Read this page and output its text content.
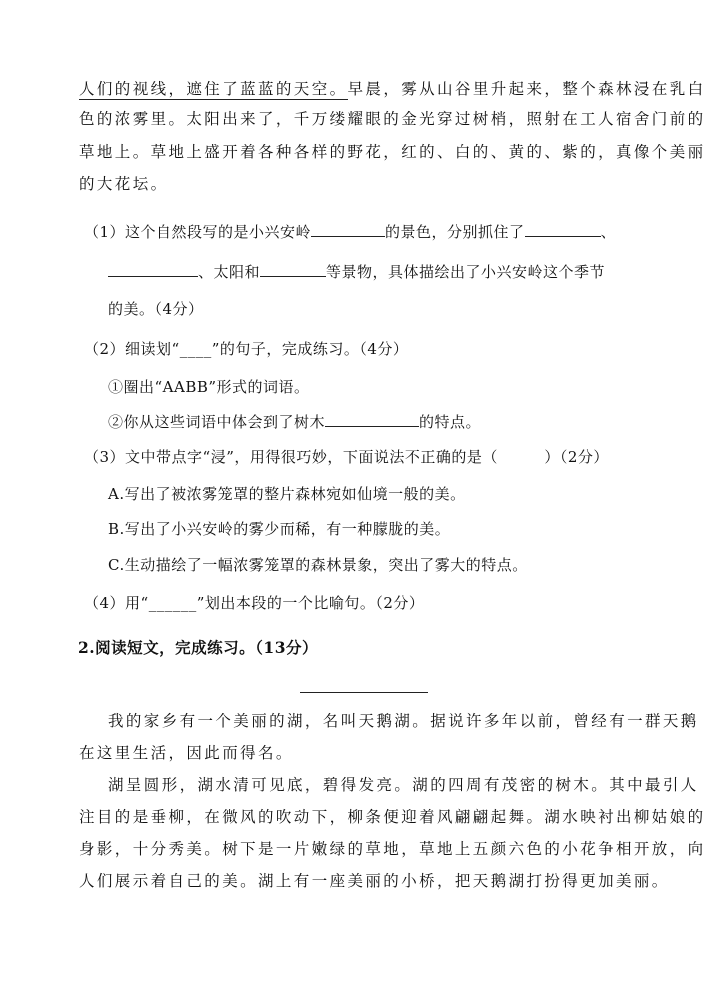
人们的视线，遮住了蓝蓝的天空。早晨，雾从山谷里升起来，整个森林浸在乳白
色的浓雾里。太阳出来了，千万缕耀眼的金光穿过树梢，照射在工人宿舍门前的
草地上。草地上盛开着各种各样的野花，红的、白的、黄的、紫的，真像个美丽
的大花坛。
（1）这个自然段写的是小兴安岭	的景色，分别抓住了	、
、太阳和	等景物，具体描绘出了小兴安岭这个季节
的美。（4分）
（2）细读划“____”的句子，完成练习。（4分）
①圈出“AABB”形式的词语。
②你从这些词语中体会到了树木	的特点。
（3）文中带点字“浸”，用得很巧妙，下面说法不正确的是（　　　）（2分）
A.写出了被浓雾笼罩的整片森林宛如仙境一般的美。
B.写出了小兴安岭的雾少而稀，有一种朦胧的美。
C.生动描绘了一幅浓雾笼罩的森林景象，突出了雾大的特点。
（4）用“______”划出本段的一个比喻句。（2分）
2.阅读短文，完成练习。（13分）
我的家乡有一个美丽的湖，名叫天鹅湖。据说许多年以前，曾经有一群天鹅
在这里生活，因此而得名。
湖呈圆形，湖水清可见底，碧得发亮。湖的四周有茂密的树木。其中最引人
注目的是垂柳，在微风的吹动下，柳条便迎着风翩翩起舞。湖水映衬出柳姑娘的
身影，十分秀美。树下是一片嫩绿的草地，草地上五颜六色的小花争相开放，向
人们展示着自己的美。湖上有一座美丽的小桥，把天鹅湖打扮得更加美丽。
